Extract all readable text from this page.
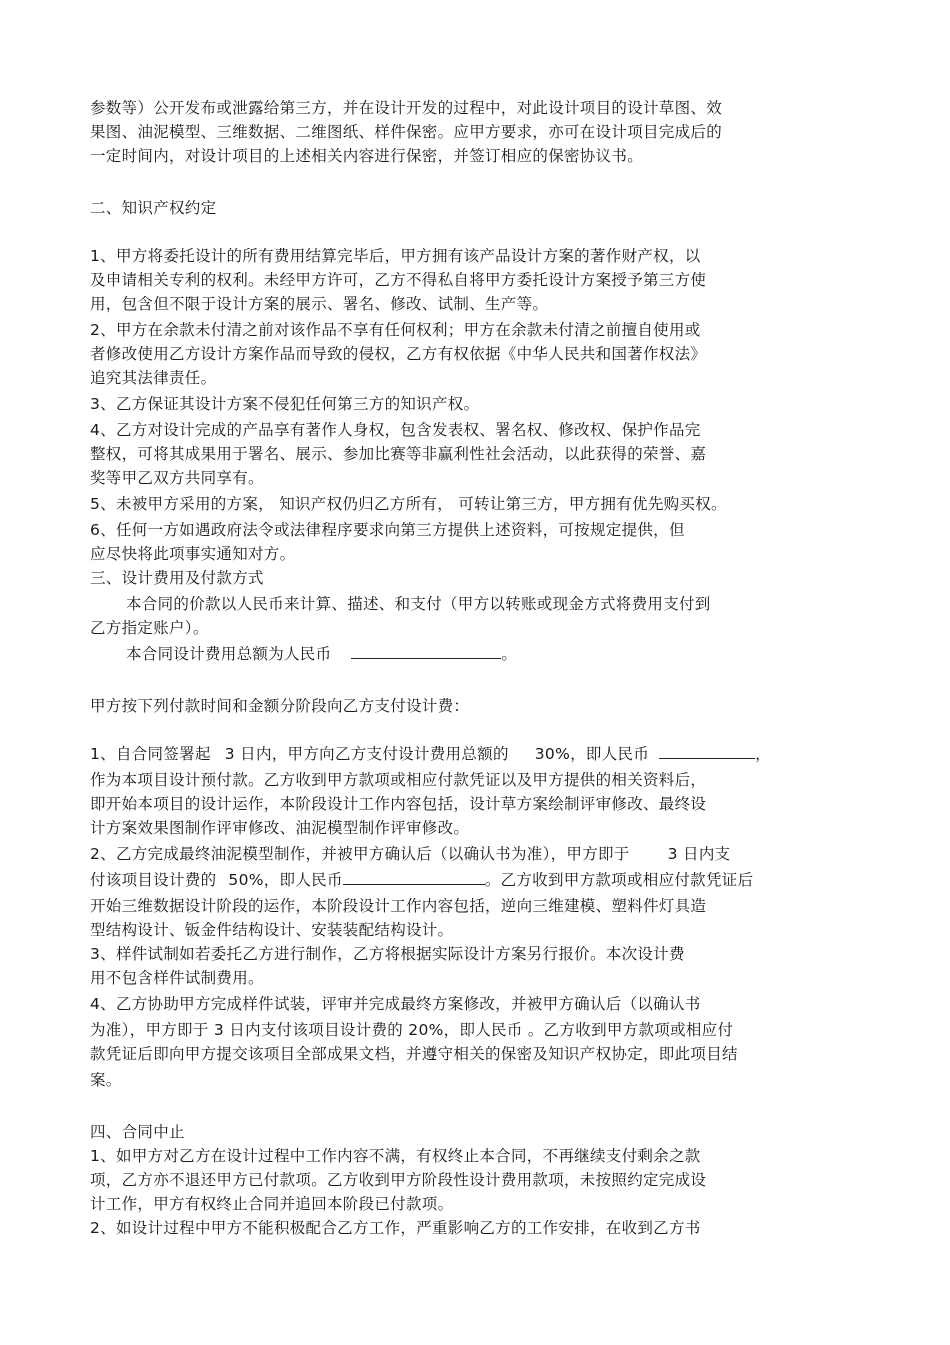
参数等）公开发布或泄露给第三方，并在设计开发的过程中，对此设计项目的设计草图、效

果图、油泥模型、三维数据、二维图纸、样件保密。应甲方要求，亦可在设计项目完成后的

一定时间内，对设计项目的上述相关内容进行保密，并签订相应的保密协议书。

二、知识产权约定

1、甲方将委托设计的所有费用结算完毕后，甲方拥有该产品设计方案的著作财产权，以

及申请相关专利的权利。未经甲方许可，乙方不得私自将甲方委托设计方案授予第三方使

用，包含但不限于设计方案的展示、署名、修改、试制、生产等。

2、甲方在余款未付清之前对该作品不享有任何权利；甲方在余款未付清之前擅自使用或

者修改使用乙方设计方案作品而导致的侵权，乙方有权依据《中华人民共和国著作权法》

追究其法律责任。

3、乙方保证其设计方案不侵犯任何第三方的知识产权。

4、乙方对设计完成的产品享有著作人身权，包含发表权、署名权、修改权、保护作品完

整权，可将其成果用于署名、展示、参加比赛等非赢利性社会活动，以此获得的荣誉、嘉

奖等甲乙双方共同享有。

5、未被甲方采用的方案， 知识产权仍归乙方所有， 可转让第三方，甲方拥有优先购买权。

6、任何一方如遇政府法令或法律程序要求向第三方提供上述资料，可按规定提供，但

应尽快将此项事实通知对方。

三、设计费用及付款方式

本合同的价款以人民币来计算、描述、和支付（甲方以转账或现金方式将费用支付到

乙方指定账户）。

本合同设计费用总额为人民币	。

甲方按下列付款时间和金额分阶段向乙方支付设计费：

1、自合同签署起 3 日内，甲方向乙方支付设计费用总额的 30%，即人民币	，

作为本项目设计预付款。乙方收到甲方款项或相应付款凭证以及甲方提供的相关资料后，

即开始本项目的设计运作，本阶段设计工作内容包括，设计草方案绘制评审修改、最终设

计方案效果图制作评审修改、油泥模型制作评审修改。

2、乙方完成最终油泥模型制作，并被甲方确认后（以确认书为准），甲方即于 3 日内支

付该项目设计费的 50%，即人民币	。乙方收到甲方款项或相应付款凭证后

开始三维数据设计阶段的运作，本阶段设计工作内容包括，逆向三维建模、塑料件灯具造

型结构设计、钣金件结构设计、安装装配结构设计。

3、样件试制如若委托乙方进行制作，乙方将根据实际设计方案另行报价。本次设计费

用不包含样件试制费用。

4、乙方协助甲方完成样件试装，评审并完成最终方案修改，并被甲方确认后（以确认书

为准），甲方即于 3 日内支付该项目设计费的 20%，即人民币 。乙方收到甲方款项或相应付

款凭证后即向甲方提交该项目全部成果文档，并遵守相关的保密及知识产权协定，即此项目结

案。

四、合同中止

1、如甲方对乙方在设计过程中工作内容不满，有权终止本合同，不再继续支付剩余之款

项，乙方亦不退还甲方已付款项。乙方收到甲方阶段性设计费用款项，未按照约定完成设

计工作，甲方有权终止合同并追回本阶段已付款项。

2、如设计过程中甲方不能积极配合乙方工作，严重影响乙方的工作安排，在收到乙方书
